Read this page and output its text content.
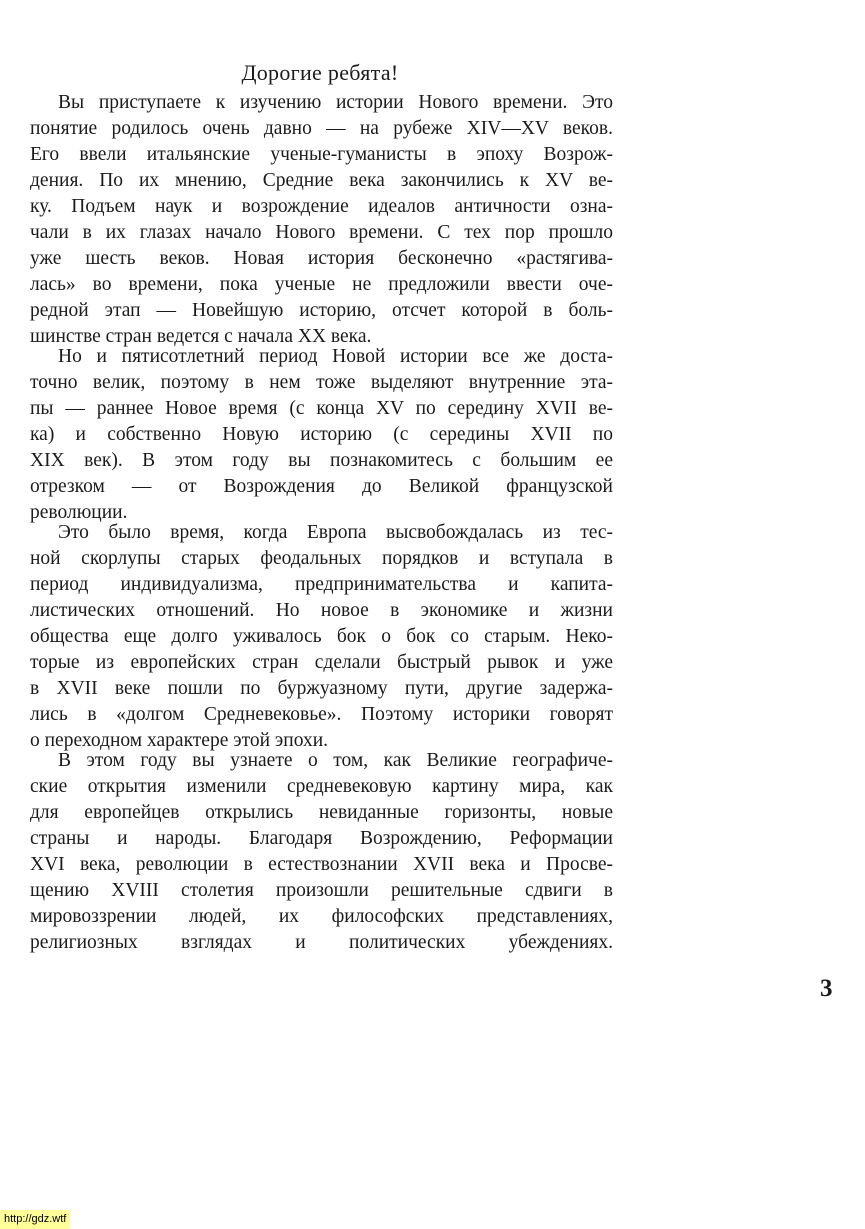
Дорогие ребята!
Вы приступаете к изучению истории Нового времени. Это
понятие родилось очень давно — на рубеже XIV—XV веков.
Его ввели итальянские ученые-гуманисты в эпоху Возрож-
дения. По их мнению, Средние века закончились к XV ве-
ку. Подъем наук и возрождение идеалов античности озна-
чали в их глазах начало Нового времени. С тех пор прошло
уже шесть веков. Новая история бесконечно «растягива-
лась» во времени, пока ученые не предложили ввести оче-
редной этап — Новейшую историю, отсчет которой в боль-
шинстве стран ведется с начала XX века.
Но и пятисотлетний период Новой истории все же доста-
точно велик, поэтому в нем тоже выделяют внутренние эта-
пы — раннее Новое время (с конца XV по середину XVII ве-
ка) и собственно Новую историю (с середины XVII по
XIX век). В этом году вы познакомитесь с большим ее
отрезком — от Возрождения до Великой французской
революции.
Это было время, когда Европа высвобождалась из тес-
ной скорлупы старых феодальных порядков и вступала в
период индивидуализма, предпринимательства и капита-
листических отношений. Но новое в экономике и жизни
общества еще долго уживалось бок о бок со старым. Неко-
торые из европейских стран сделали быстрый рывок и уже
в XVII веке пошли по буржуазному пути, другие задержа-
лись в «долгом Средневековье». Поэтому историки говорят
о переходном характере этой эпохи.
В этом году вы узнаете о том, как Великие географиче-
ские открытия изменили средневековую картину мира, как
для европейцев открылись невиданные горизонты, новые
страны и народы. Благодаря Возрождению, Реформации
XVI века, революции в естествознании XVII века и Просве-
щению XVIII столетия произошли решительные сдвиги в
мировоззрении людей, их философских представлениях,
религиозных взглядах и политических убеждениях.
3
http://gdz.wtf
